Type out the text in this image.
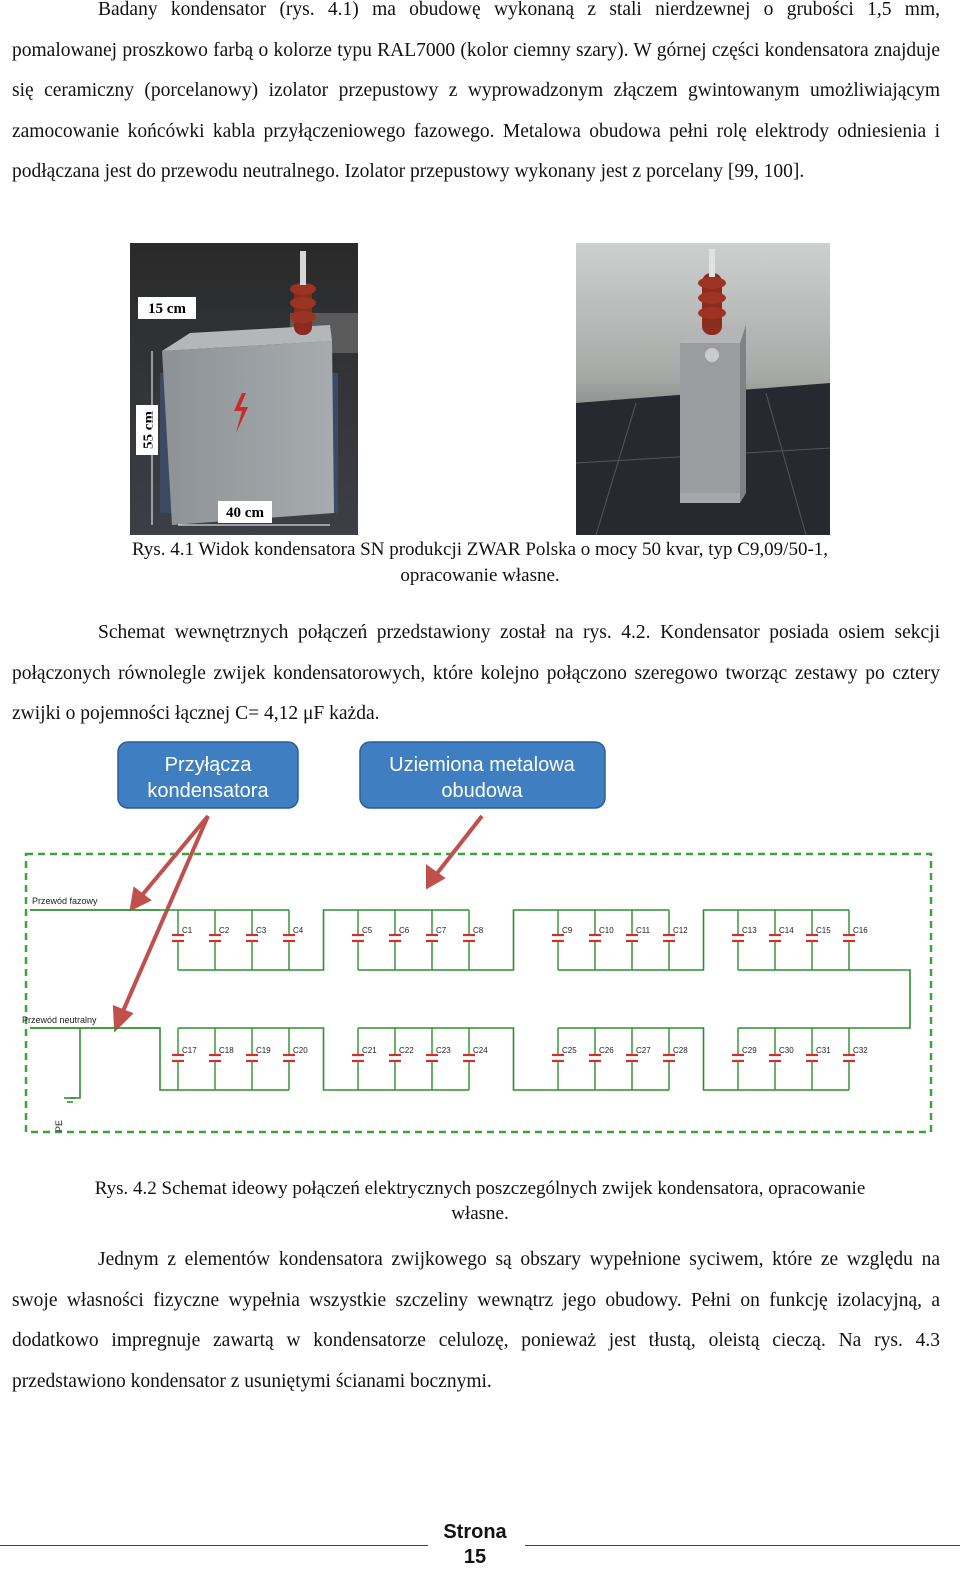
Badany kondensator (rys. 4.1) ma obudowę wykonaną z stali nierdzewnej o grubości 1,5 mm, pomalowanej proszkowo farbą o kolorze typu RAL7000 (kolor ciemny szary). W górnej części kondensatora znajduje się ceramiczny (porcelanowy) izolator przepustowy z wyprowadzonym złączem gwintowanym umożliwiającym zamocowanie końcówki kabla przyłączeniowego fazowego. Metalowa obudowa pełni rolę elektrody odniesienia i podłączana jest do przewodu neutralnego. Izolator przepustowy wykonany jest z porcelany [99, 100].

15 cm
55 cm
40 cm

Rys. 4.1 Widok kondensatora SN produkcji ZWAR Polska o mocy 50 kvar, typ C9,09/50-1,

opracowanie własne.

Schemat wewnętrznych połączeń przedstawiony został na rys. 4.2. Kondensator posiada osiem sekcji połączonych równolegle zwijek kondensatorowych, które kolejno połączono szeregowo tworząc zestawy po cztery zwijki o pojemności łącznej C= 4,12 μF każda.

Przyłącza
kondensatora
Uziemiona metalowa
obudowa
Przewód fazowy
Przewód neutralny
PE
C1	C2	C3	C4	C5	C6	C7	C8	C9	C10	C11	C12	C13	C14	C15	C16
C17	C18	C19	C20	C21	C22	C23	C24	C25	C26	C27	C28	C29	C30	C31	C32

Rys. 4.2 Schemat ideowy połączeń elektrycznych poszczególnych zwijek kondensatora, opracowanie

własne.

Jednym z elementów kondensatora zwijkowego są obszary wypełnione syciwem, które ze względu na swoje własności fizyczne wypełnia wszystkie szczeliny wewnątrz jego obudowy. Pełni on funkcję izolacyjną, a dodatkowo impregnuje zawartą w kondensatorze celulozę, ponieważ jest tłustą, oleistą cieczą. Na rys. 4.3 przedstawiono kondensator z usuniętymi ścianami bocznymi.

Strona
15
